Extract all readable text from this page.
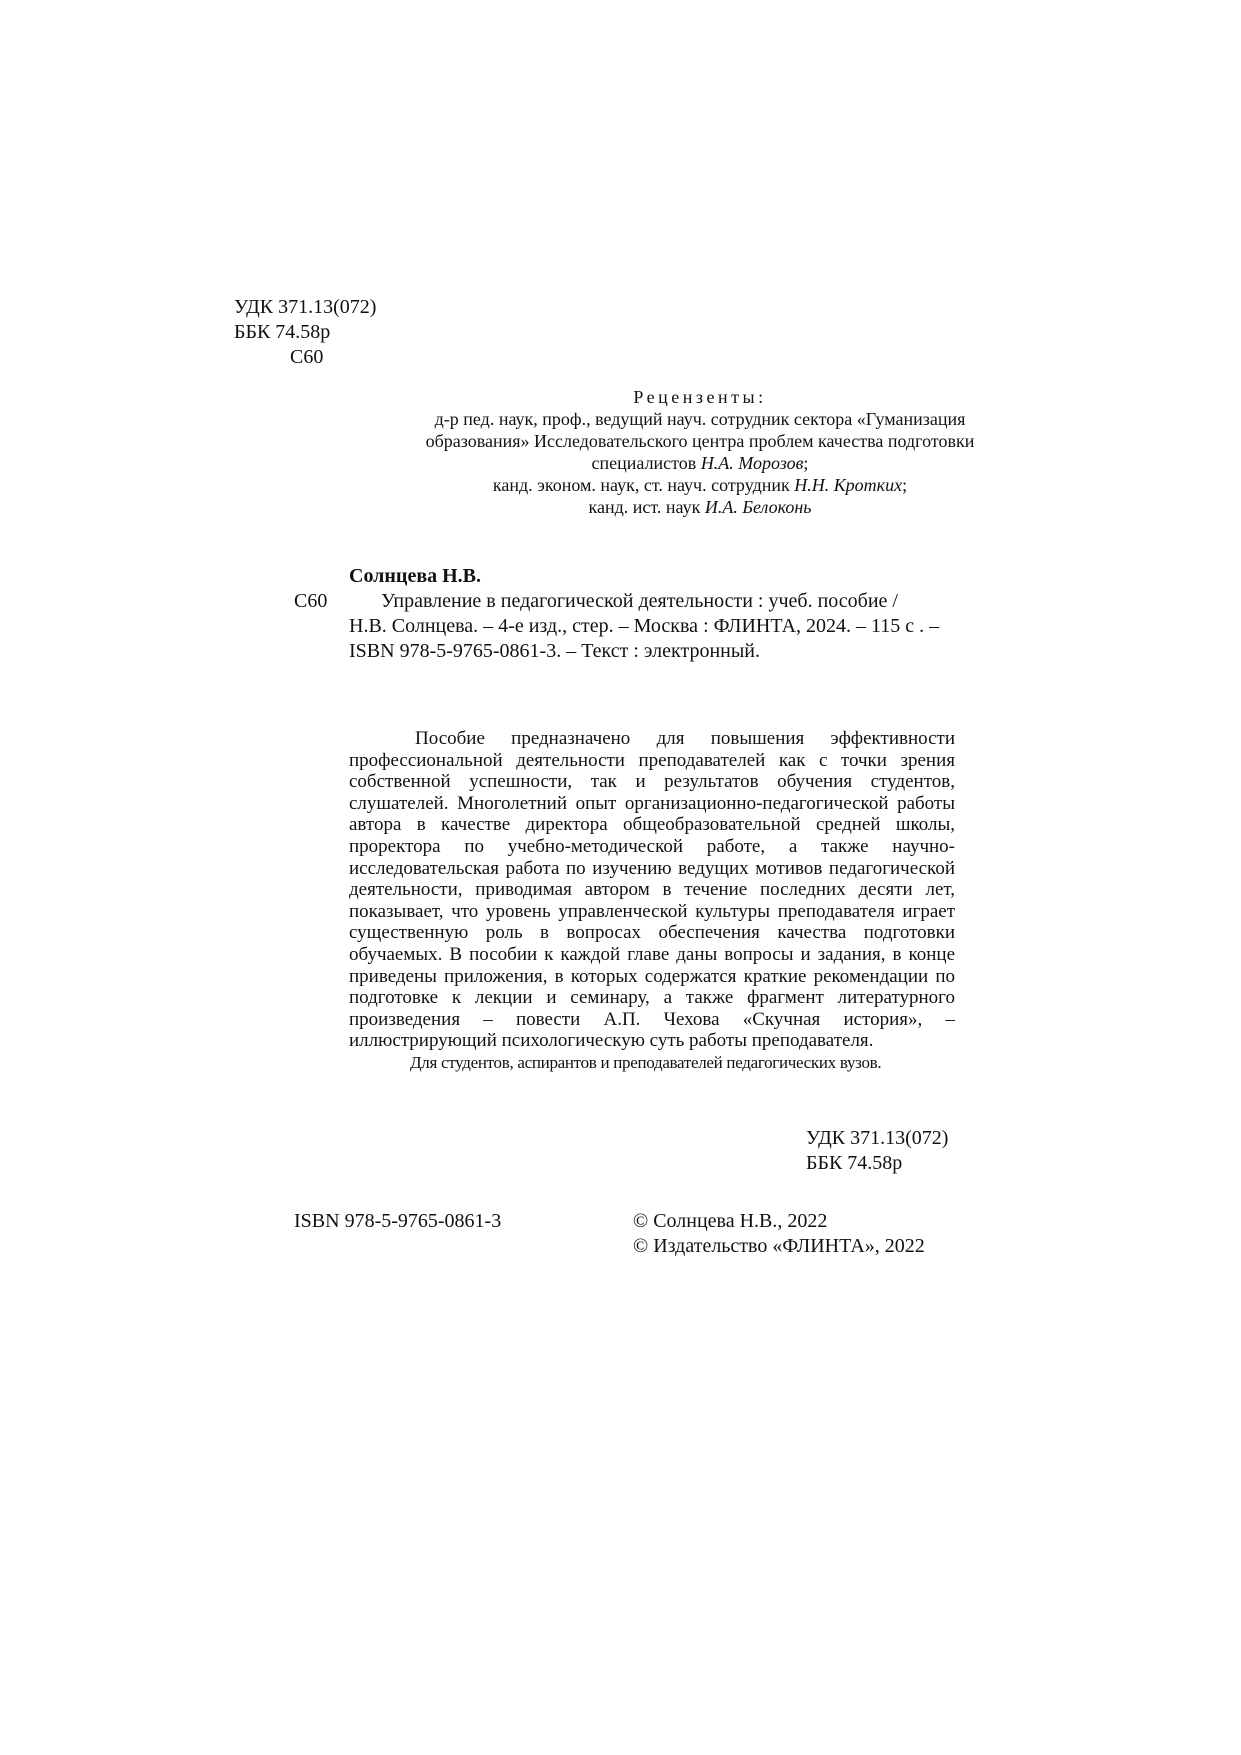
УДК 371.13(072)
ББК 74.58р
С60
Рецензенты:
д-р пед. наук, проф., ведущий науч. сотрудник сектора «Гуманизация
образования» Исследовательского центра проблем качества подготовки
специалистов Н.А. Морозов;
канд. эконом. наук, ст. науч. сотрудник Н.Н. Кротких;
канд. ист. наук И.А. Белоконь
Солнцева Н.В.
С60	Управление в педагогической деятельности : учеб. пособие /
Н.В. Солнцева. – 4-е изд., стер. – Москва : ФЛИНТА, 2024. – 115 с . –
ISBN 978-5-9765-0861-3. – Текст : электронный.
Пособие предназначено для повышения эффективности
профессиональной деятельности преподавателей как с точки зрения
собственной успешности, так и результатов обучения студентов,
слушателей. Многолетний опыт организационно-педагогической работы
автора в качестве директора общеобразовательной средней школы,
проректора по учебно-методической работе, а также научно-
исследовательская работа по изучению ведущих мотивов педагогической
деятельности, приводимая автором в течение последних десяти лет,
показывает, что уровень управленческой культуры преподавателя играет
существенную роль в вопросах обеспечения качества подготовки
обучаемых. В пособии к каждой главе даны вопросы и задания, в конце
приведены приложения, в которых содержатся краткие рекомендации по
подготовке к лекции и семинару, а также фрагмент литературного
произведения – повести А.П. Чехова «Скучная история», –
иллюстрирующий психологическую суть работы преподавателя.
Для студентов, аспирантов и преподавателей педагогических вузов.
УДК 371.13(072)
ББК 74.58р
ISBN 978-5-9765-0861-3	© Солнцева Н.В., 2022
© Издательство «ФЛИНТА», 2022
